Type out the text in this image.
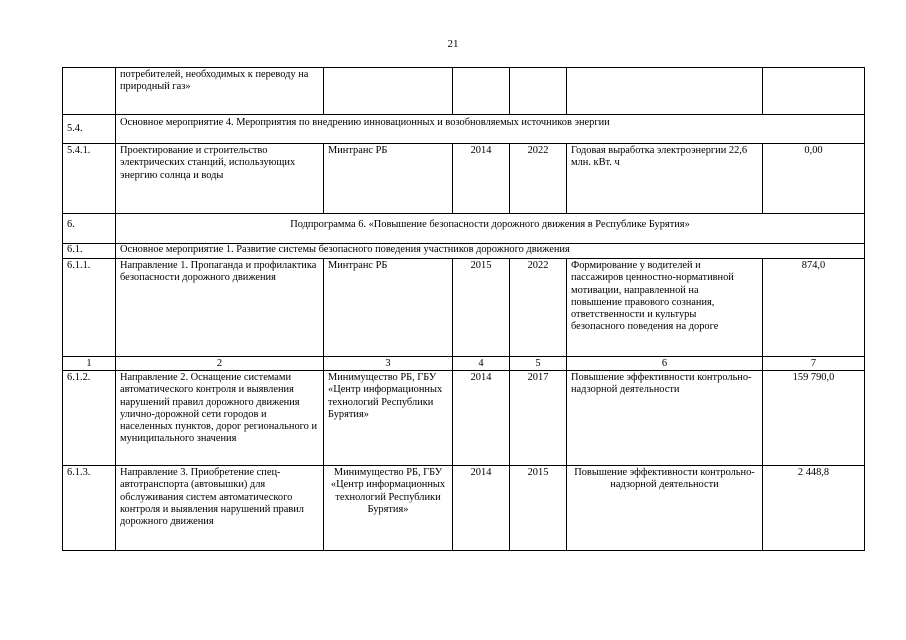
21
	потребителей, необходимых к переводу на природный газ»					
5.4.	Основное мероприятие 4. Мероприятия по внедрению инновационных и возобновляемых источников энергии					
5.4.1.	Проектирование и строительство электрических станций, использующих энергию солнца и воды	Минтранс РБ	2014	2022	Годовая выработка электроэнергии 22,6 млн. кВт. ч	0,00
6.	Подпрограмма 6. «Повышение безопасности дорожного движения в Республике Бурятия»					
6.1.	Основное мероприятие 1. Развитие системы безопасного поведения участников дорожного движения					
6.1.1.	Направление 1. Пропаганда и профилактика безопасности дорожного движения	Минтранс РБ	2015	2022	Формирование у водителей и пассажиров ценностно-нормативной мотивации, направленной на повышение правового сознания, ответственности и культуры безопасного поведения на дороге	874,0
1	2	3	4	5	6	7
6.1.2.	Направление 2. Оснащение системами автоматического контроля и выявления нарушений правил дорожного движения улично-дорожной сети городов и населенных пунктов, дорог регионального и муниципального значения	Минимущество РБ, ГБУ «Центр информационных технологий Республики Бурятия»	2014	2017	Повышение эффективности контрольно-надзорной деятельности	159 790,0
6.1.3.	Направление 3. Приобретение спец-автотранспорта (автовышки) для обслуживания систем автоматического контроля и выявления нарушений правил дорожного движения	Минимущество РБ, ГБУ «Центр информационных технологий Республики Бурятия»	2014	2015	Повышение эффективности контрольно-надзорной деятельности	2 448,8
